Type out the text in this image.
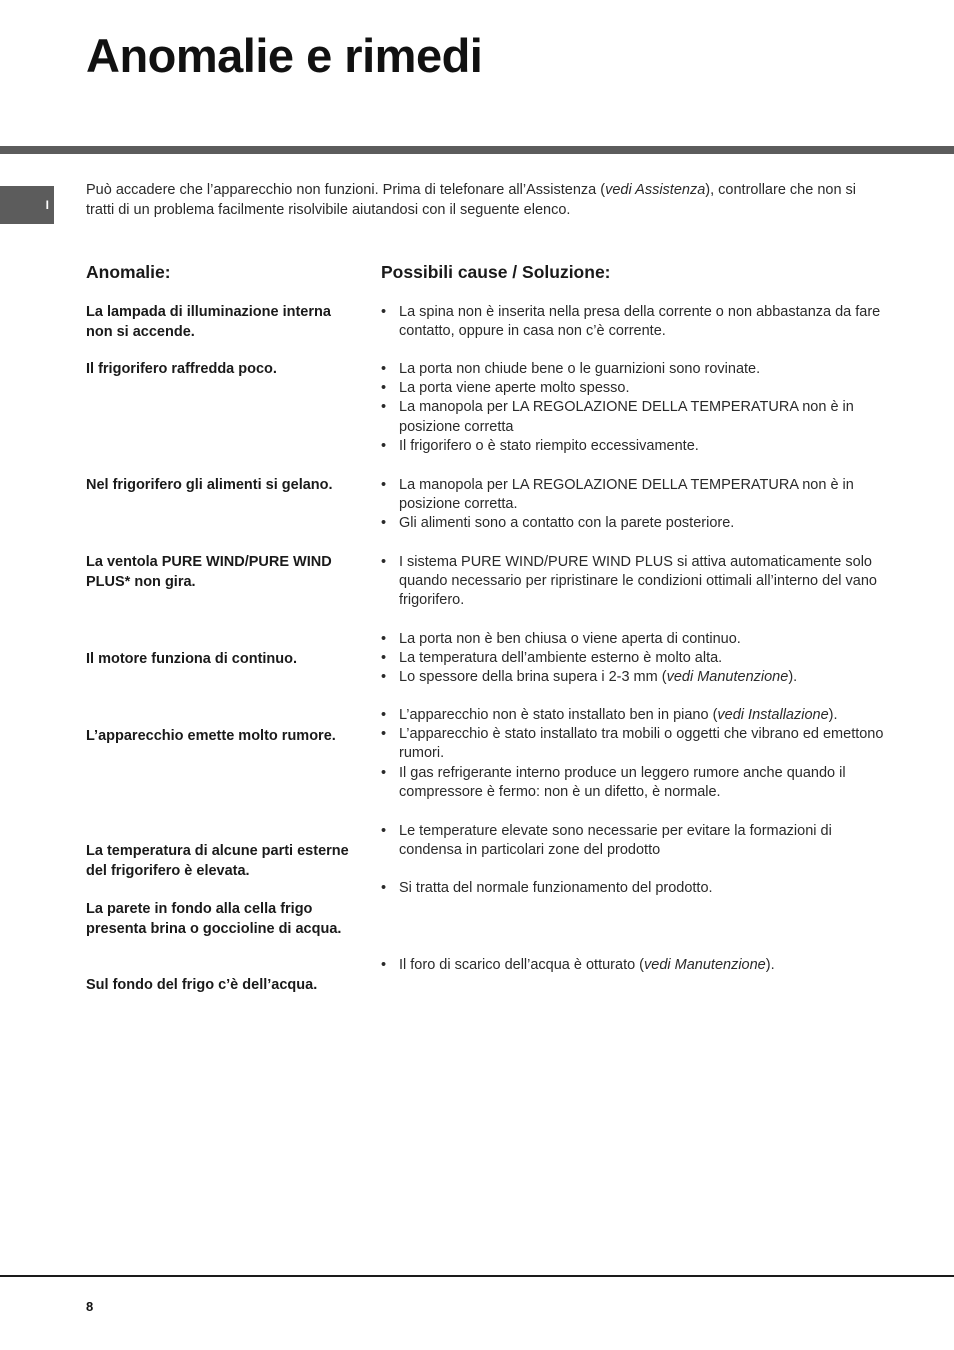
Anomalie e rimedi
I

Può accadere che l’apparecchio non funzioni. Prima di telefonare all’Assistenza (vedi Assistenza), controllare che non si tratti di un problema facilmente risolvibile aiutandosi con il seguente elenco.

Anomalie:	Possibili cause / Soluzione:
La lampada di illuminazione interna non si accende.
• La spina non è inserita nella presa della corrente o non abbastanza da fare contatto, oppure in casa non c’è corrente.
Il frigorifero raffredda poco.	• La porta non chiude bene o le guarnizioni sono rovinate.
• La porta viene aperte molto spesso.
• La manopola per LA REGOLAZIONE DELLA TEMPERATURA non è in posizione corretta
• Il frigorifero o è stato riempito eccessivamente.
Nel frigorifero gli alimenti si gelano.	• La manopola per LA REGOLAZIONE DELLA TEMPERATURA non è in posizione corretta.
• Gli alimenti sono a contatto con la parete posteriore.
La ventola PURE WIND/PURE WIND PLUS* non gira.
• I sistema PURE WIND/PURE WIND PLUS si attiva automaticamente solo quando necessario per ripristinare le condizioni ottimali all’interno del vano frigorifero.
Il motore funziona di continuo.
• La porta non è ben chiusa o viene aperta di continuo.
• La temperatura dell’ambiente esterno è molto alta.
• Lo spessore della brina supera i 2-3 mm (vedi Manutenzione).
L’apparecchio emette molto rumore.
• L’apparecchio non è stato installato ben in piano (vedi Installazione).
• L’apparecchio è stato installato tra mobili o oggetti che vibrano ed emettono rumori.
• Il gas refrigerante interno produce un leggero rumore anche quando il compressore è fermo: non è un difetto, è normale.
La temperatura di alcune parti esterne del frigorifero è elevata.
• Le temperature elevate sono necessarie per evitare la formazioni di condensa in particolari zone del prodotto
La parete in fondo alla cella frigo presenta brina o goccioline di acqua.
• Si tratta del normale funzionamento del prodotto.
Sul fondo del frigo c’è dell’acqua.
• Il foro di scarico dell’acqua è otturato (vedi Manutenzione).
8
